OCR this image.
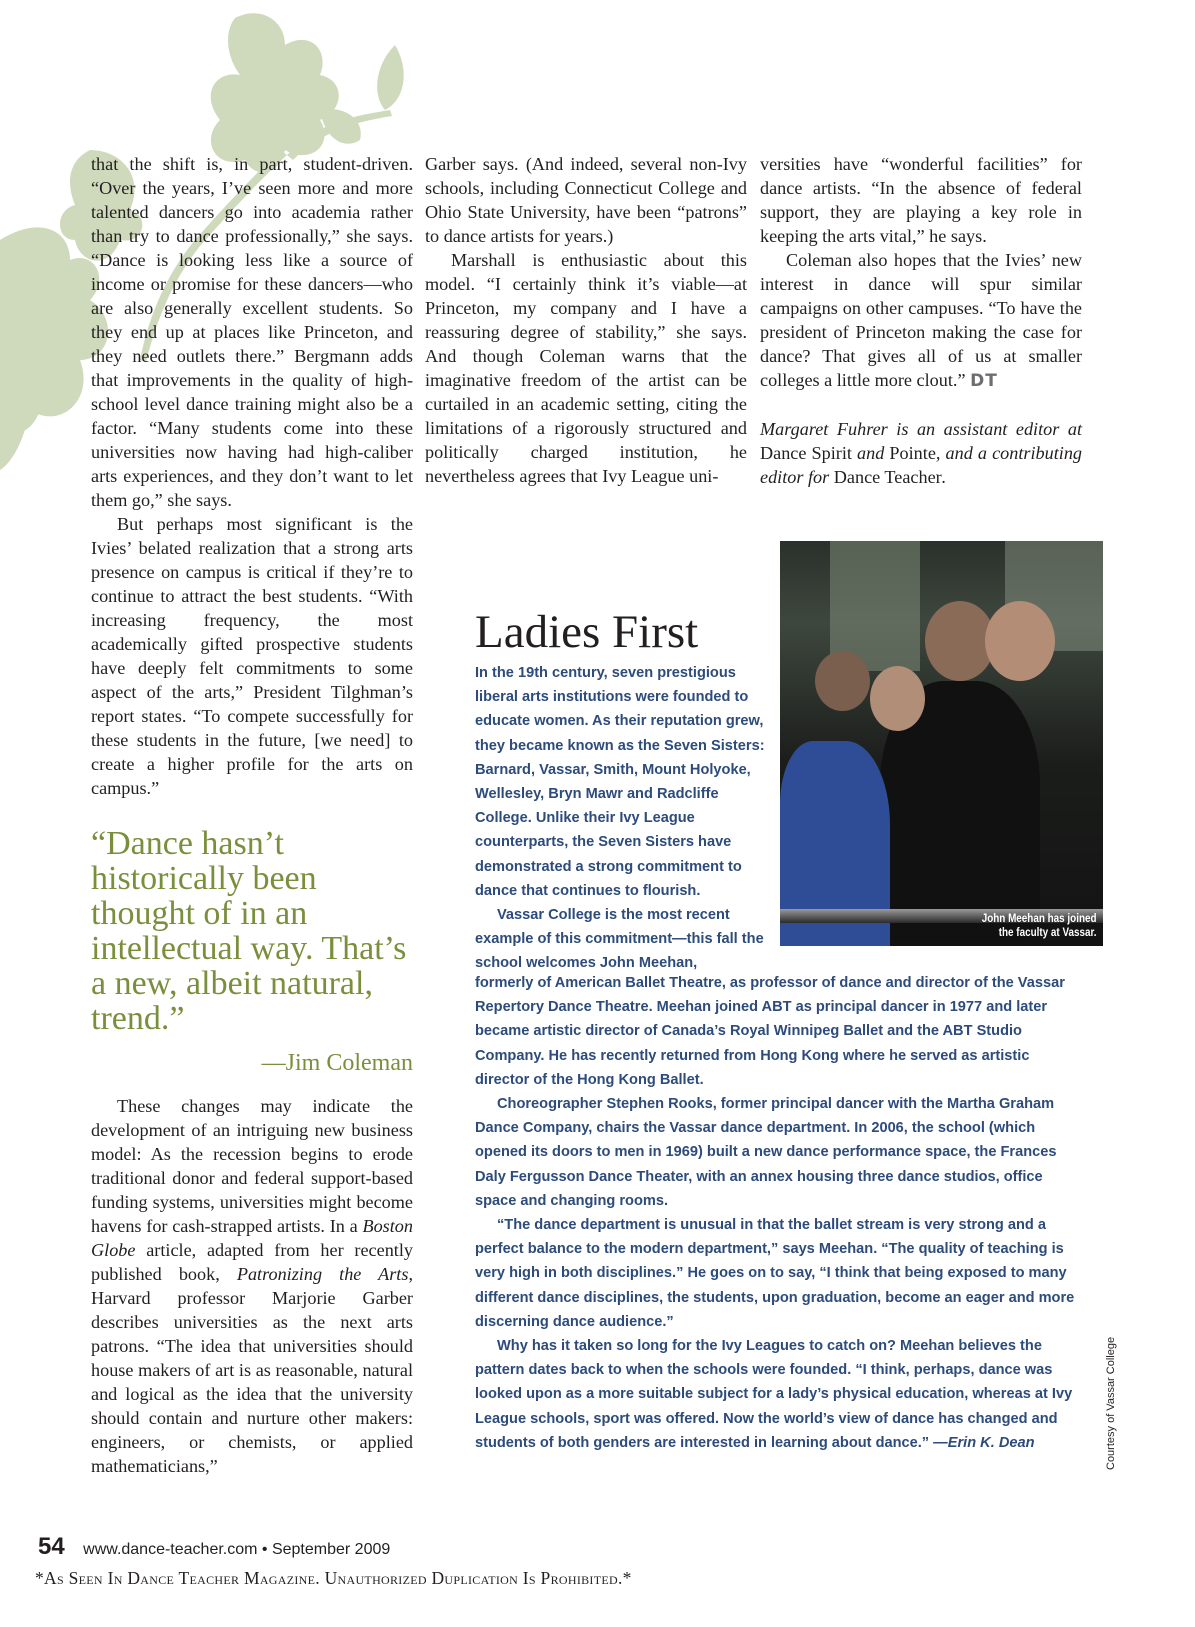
that the shift is, in part, student-driven. “Over the years, I’ve seen more and more talented dancers go into academia rather than try to dance professionally,” she says. “Dance is looking less like a source of income or promise for these dancers—who are also generally excellent students. So they end up at places like Princeton, and they need outlets there.” Bergmann adds that improvements in the quality of high-school level dance training might also be a factor. “Many students come into these universities now having had high-caliber arts experiences, and they don’t want to let them go,” she says.

But perhaps most significant is the Ivies’ belated realization that a strong arts presence on campus is critical if they’re to continue to attract the best students. “With increasing frequency, the most academically gifted prospective students have deeply felt commitments to some aspect of the arts,” President Tilghman’s report states. “To compete successfully for these students in the future, [we need] to create a higher profile for the arts on campus.”

“Dance hasn’t historically been thought of in an intellectual way. That’s a new, albeit natural, trend.”
—Jim Coleman

These changes may indicate the development of an intriguing new business model: As the recession begins to erode traditional donor and federal support-based funding systems, universities might become havens for cash-strapped artists. In a Boston Globe article, adapted from her recently published book, Patronizing the Arts, Harvard professor Marjorie Garber describes universities as the next arts patrons. “The idea that universities should house makers of art is as reasonable, natural and logical as the idea that the university should contain and nurture other makers: engineers, or chemists, or applied mathematicians,”

Garber says. (And indeed, several non-Ivy schools, including Connecticut College and Ohio State University, have been “patrons” to dance artists for years.)

Marshall is enthusiastic about this model. “I certainly think it’s viable—at Princeton, my company and I have a reassuring degree of stability,” she says. And though Coleman warns that the imaginative freedom of the artist can be curtailed in an academic setting, citing the limitations of a rigorously structured and politically charged institution, he nevertheless agrees that Ivy League uni-

versities have “wonderful facilities” for dance artists. “In the absence of federal support, they are playing a key role in keeping the arts vital,” he says.

Coleman also hopes that the Ivies’ new interest in dance will spur similar campaigns on other campuses. “To have the president of Princeton making the case for dance? That gives all of us at smaller colleges a little more clout.” DT

Margaret Fuhrer is an assistant editor at Dance Spirit and Pointe, and a contributing editor for Dance Teacher.

John Meehan has joined
the faculty at Vassar.
Ladies First

In the 19th century, seven prestigious liberal arts institutions were founded to educate women. As their reputation grew, they became known as the Seven Sisters: Barnard, Vassar, Smith, Mount Holyoke, Wellesley, Bryn Mawr and Radcliffe College. Unlike their Ivy League counterparts, the Seven Sisters have demonstrated a strong commitment to dance that continues to flourish.

Vassar College is the most recent example of this commitment—this fall the school welcomes John Meehan,

formerly of American Ballet Theatre, as professor of dance and director of the Vassar Repertory Dance Theatre. Meehan joined ABT as principal dancer in 1977 and later became artistic director of Canada’s Royal Winnipeg Ballet and the ABT Studio Company. He has recently returned from Hong Kong where he served as artistic director of the Hong Kong Ballet.

Choreographer Stephen Rooks, former principal dancer with the Martha Graham Dance Company, chairs the Vassar dance department. In 2006, the school (which opened its doors to men in 1969) built a new dance performance space, the Frances Daly Fergusson Dance Theater, with an annex housing three dance studios, office space and changing rooms.

“The dance department is unusual in that the ballet stream is very strong and a perfect balance to the modern department,” says Meehan. “The quality of teaching is very high in both disciplines.” He goes on to say, “I think that being exposed to many different dance disciplines, the students, upon graduation, become an eager and more discerning dance audience.”

Why has it taken so long for the Ivy Leagues to catch on? Meehan believes the pattern dates back to when the schools were founded. “I think, perhaps, dance was looked upon as a more suitable subject for a lady’s physical education, whereas at Ivy League schools, sport was offered. Now the world’s view of dance has changed and students of both genders are interested in learning about dance.” —Erin K. Dean	Courtesy of Vassar College
54 www.dance-teacher.com • September 2009
*As Seen In Dance Teacher Magazine. Unauthorized Duplication Is Prohibited.*
